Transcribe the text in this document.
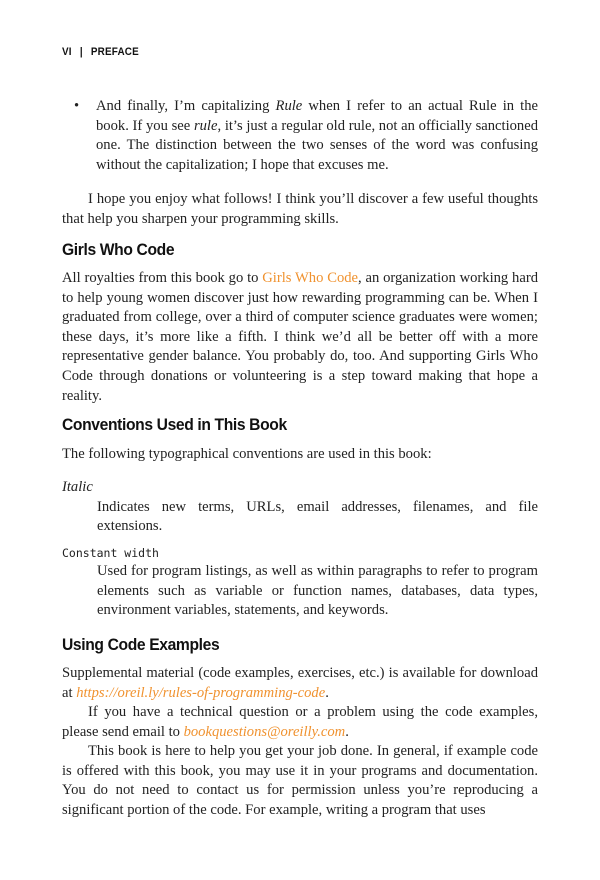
VI | PREFACE
• And finally, I’m capitalizing Rule when I refer to an actual Rule in the book. If you see rule, it’s just a regular old rule, not an officially sanctioned one. The distinction between the two senses of the word was confusing without the capitalization; I hope that excuses me.

I hope you enjoy what follows! I think you’ll discover a few useful thoughts that help you sharpen your programming skills.

Girls Who Code

All royalties from this book go to Girls Who Code, an organization working hard to help young women discover just how rewarding programming can be. When I graduated from college, over a third of computer science graduates were women; these days, it’s more like a fifth. I think we’d all be better off with a more representative gender balance. You probably do, too. And supporting Girls Who Code through donations or volunteering is a step toward making that hope a reality.

Conventions Used in This Book

The following typographical conventions are used in this book:

Italic

Indicates new terms, URLs, email addresses, filenames, and file extensions.

Constant width

Used for program listings, as well as within paragraphs to refer to program elements such as variable or function names, databases, data types, environment variables, statements, and keywords.

Using Code Examples

Supplemental material (code examples, exercises, etc.) is available for download at https://oreil.ly/rules-of-programming-code.

If you have a technical question or a problem using the code examples, please send email to bookquestions@oreilly.com.

This book is here to help you get your job done. In general, if example code is offered with this book, you may use it in your programs and documentation. You do not need to contact us for permission unless you’re reproducing a significant portion of the code. For example, writing a program that uses
